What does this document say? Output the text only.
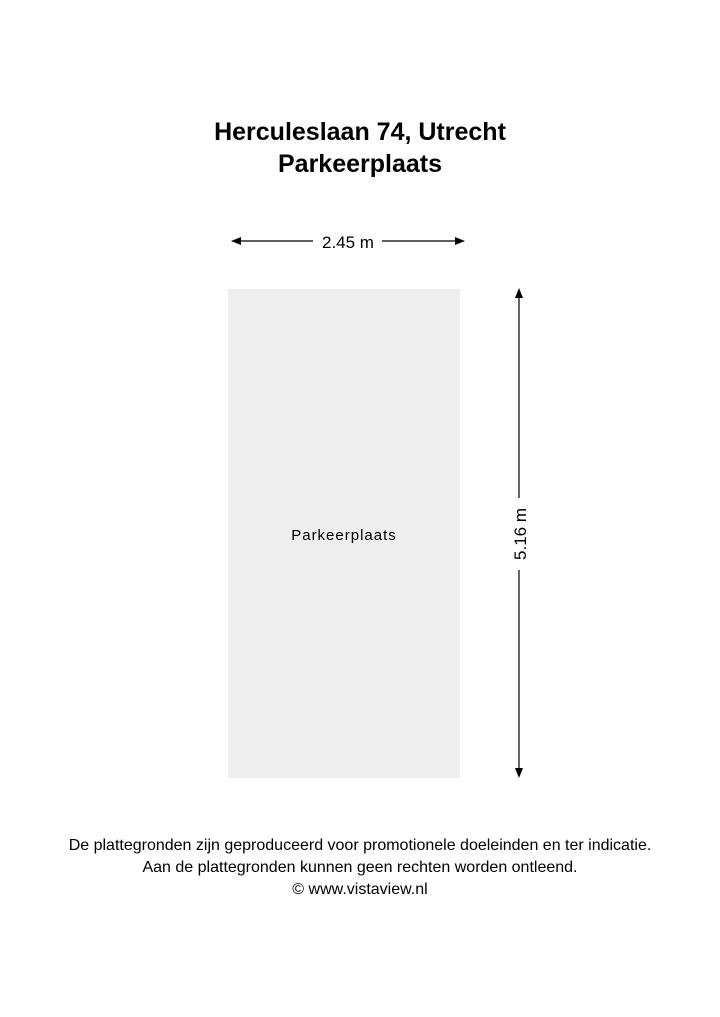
Herculeslaan 74, Utrecht
Parkeerplaats
Parkeerplaats
2.45 m
5.16 m
De plattegronden zijn geproduceerd voor promotionele doeleinden en ter indicatie.
Aan de plattegronden kunnen geen rechten worden ontleend.
© www.vistaview.nl
